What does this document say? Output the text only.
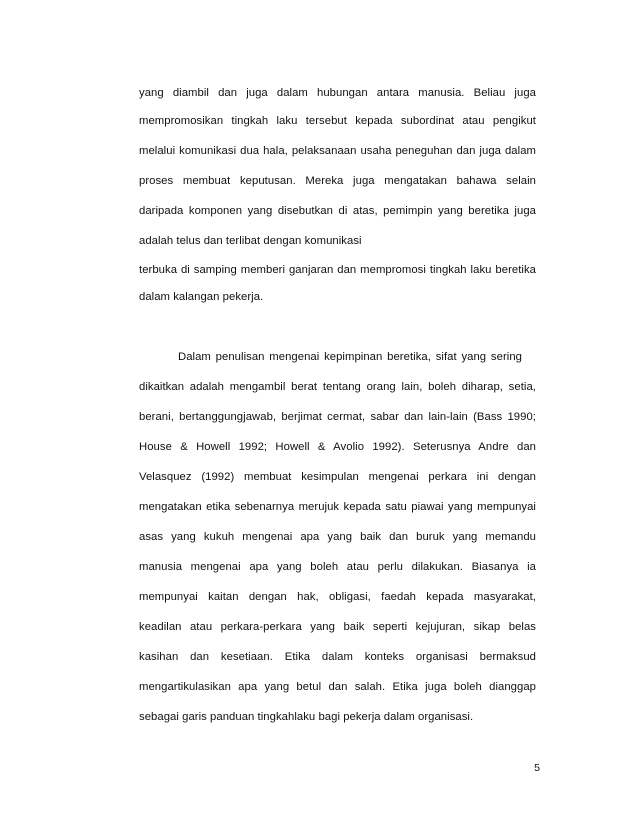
yang diambil dan juga dalam hubungan antara manusia. Beliau juga
mempromosikan tingkah laku tersebut kepada subordinat atau pengikut
melalui komunikasi dua hala, pelaksanaan usaha peneguhan dan juga dalam
proses membuat keputusan. Mereka juga mengatakan bahawa selain
daripada komponen yang disebutkan di atas, pemimpin yang beretika juga
adalah telus dan terlibat dengan komunikasi
terbuka di samping memberi ganjaran dan mempromosi tingkah laku beretika
dalam kalangan pekerja.
Dalam penulisan mengenai kepimpinan beretika, sifat yang sering
dikaitkan adalah mengambil berat tentang orang lain, boleh diharap, setia,
berani, bertanggungjawab, berjimat cermat, sabar dan lain-lain (Bass 1990;
House & Howell 1992; Howell & Avolio 1992). Seterusnya Andre dan
Velasquez (1992) membuat kesimpulan mengenai perkara ini dengan
mengatakan etika sebenarnya merujuk kepada satu piawai yang mempunyai
asas yang kukuh mengenai apa yang baik dan buruk yang memandu
manusia mengenai apa yang boleh atau perlu dilakukan. Biasanya ia
mempunyai kaitan dengan hak, obligasi, faedah kepada masyarakat,
keadilan atau perkara-perkara yang baik seperti kejujuran, sikap belas
kasihan dan kesetiaan. Etika dalam konteks organisasi bermaksud
mengartikulasikan apa yang betul dan salah. Etika juga boleh dianggap
sebagai garis panduan tingkahlaku bagi pekerja dalam organisasi.
5
